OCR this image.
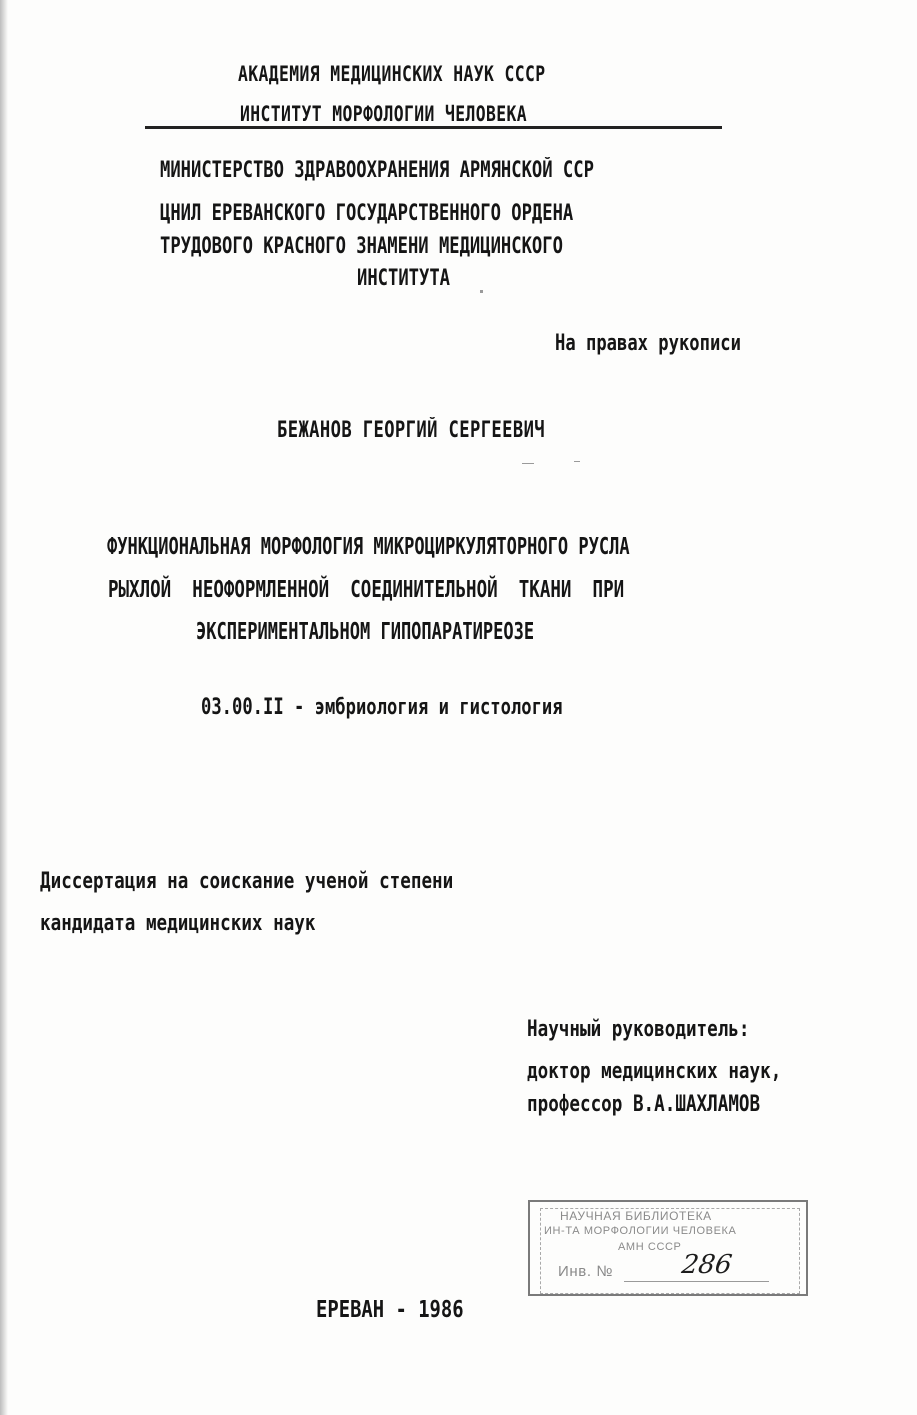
АКАДЕМИЯ МЕДИЦИНСКИХ НАУК СССР
ИНСТИТУТ МОРФОЛОГИИ ЧЕЛОВЕКА
МИНИСТЕРСТВО ЗДРАВООХРАНЕНИЯ АРМЯНСКОЙ ССР
ЦНИЛ ЕРЕВАНСКОГО ГОСУДАРСТВЕННОГО ОРДЕНА
ТРУДОВОГО КРАСНОГО ЗНАМЕНИ МЕДИЦИНСКОГО
ИНСТИТУТА
На правах рукописи
БЕЖАНОВ ГЕОРГИЙ СЕРГЕЕВИЧ
ФУНКЦИОНАЛЬНАЯ МОРФОЛОГИЯ МИКРОЦИРКУЛЯТОРНОГО РУСЛА
РЫХЛОЙ НЕОФОРМЛЕННОЙ СОЕДИНИТЕЛЬНОЙ ТКАНИ ПРИ
ЭКСПЕРИМЕНТАЛЬНОМ ГИПОПАРАТИРЕОЗЕ
03.00.II - эмбриология и гистология
Диссертация на соискание ученой степени
кандидата медицинских наук
Научный руководитель:
доктор медицинских наук,
профессор В.А.ШАХЛАМОВ
НАУЧНАЯ БИБЛИОТЕКА
ИН-ТА МОРФОЛОГИИ ЧЕЛОВЕКА
АМН СССР
Инв. №	286
ЕРЕВАН - 1986
